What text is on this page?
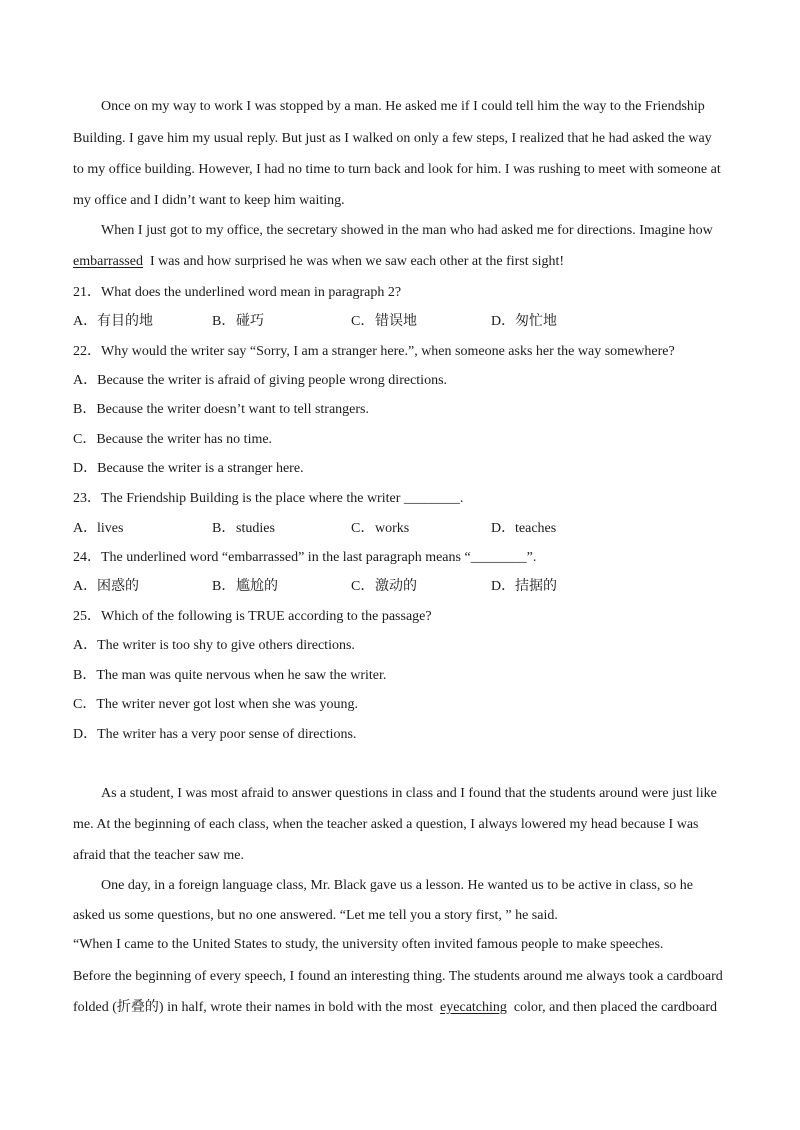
Once on my way to work I was stopped by a man. He asked me if I could tell him the way to the Friendship
Building. I gave him my usual reply. But just as I walked on only a few steps, I realized that he had asked the way
to my office building. However, I had no time to turn back and look for him. I was rushing to meet with someone at
my office and I didn’t want to keep him waiting.
When I just got to my office, the secretary showed in the man who had asked me for directions. Imagine how
embarrassed I was and how surprised he was when we saw each other at the first sight!
21．What does the underlined word mean in paragraph 2?
A．有目的地	B．碰巧	C．错误地	D．匆忙地
22．Why would the writer say “Sorry, I am a stranger here.”, when someone asks her the way somewhere?
A．Because the writer is afraid of giving people wrong directions.
B．Because the writer doesn’t want to tell strangers.
C．Because the writer has no time.
D．Because the writer is a stranger here.
23．The Friendship Building is the place where the writer ________.
A．lives	B．studies	C．works	D．teaches
24．The underlined word “embarrassed” in the last paragraph means “________”.
A．困惑的	B．尴尬的	C．激动的	D．拮据的
25．Which of the following is TRUE according to the passage?
A．The writer is too shy to give others directions.
B．The man was quite nervous when he saw the writer.
C．The writer never got lost when she was young.
D．The writer has a very poor sense of directions.
As a student, I was most afraid to answer questions in class and I found that the students around were just like
me. At the beginning of each class, when the teacher asked a question, I always lowered my head because I was
afraid that the teacher saw me.
One day, in a foreign language class, Mr. Black gave us a lesson. He wanted us to be active in class, so he
asked us some questions, but no one answered. “Let me tell you a story first, ” he said.
“When I came to the United States to study, the university often invited famous people to make speeches.
Before the beginning of every speech, I found an interesting thing. The students around me always took a cardboard
folded (折叠的) in half, wrote their names in bold with the most eyecatching color, and then placed the cardboard
